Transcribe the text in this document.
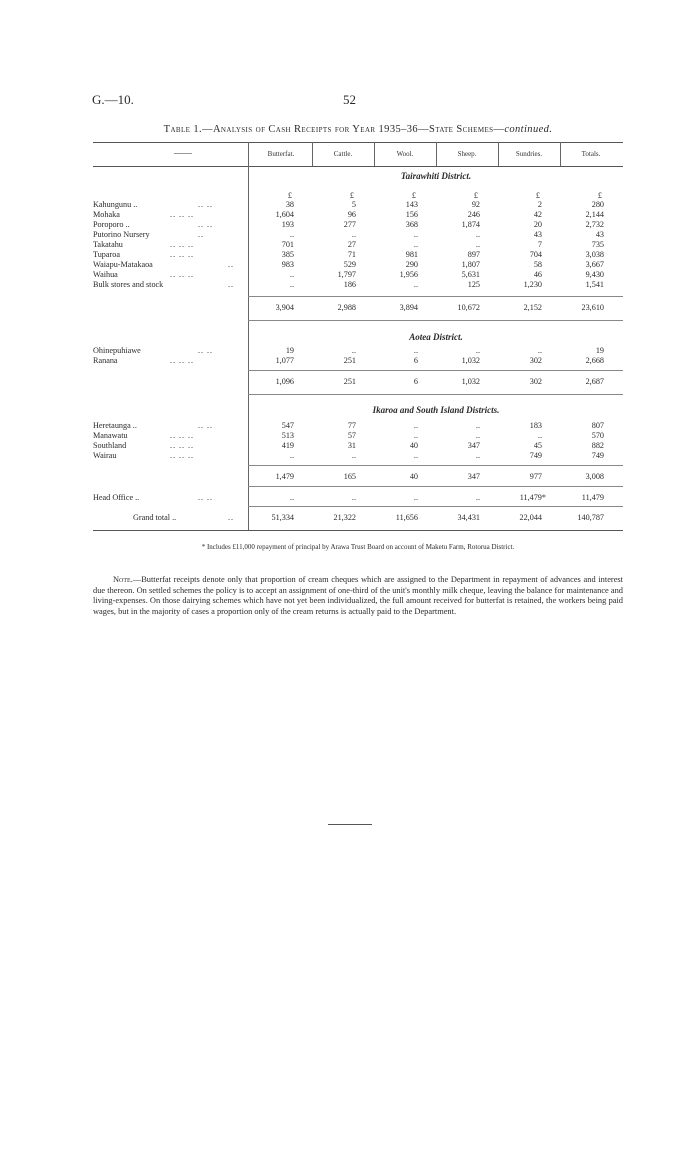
G.—10.	52
Table 1.—Analysis of Cash Receipts for Year 1935–36—State Schemes—continued.
——	Butterfat.	Cattle.	Wool.	Sheep.	Sundries.	Totals.
Tairawhiti District.
£	£	£	£	£	£
Kahungunu ..	.. ..	38	5	143	92	2	280
Mohaka	.. .. ..	1,604	96	156	246	42	2,144
Poroporo ..	.. ..	193	277	368	1,874	20	2,732
Putorino Nursery	..	..	..	..	..	43	43
Takatahu	.. .. ..	701	27	..	..	7	735
Tuparoa	.. .. ..	385	71	981	897	704	3,038
Waiapu-Matakaoa	..	983	529	290	1,807	58	3,667
Waihua	.. .. ..	..	1,797	1,956	5,631	46	9,430
Bulk stores and stock	..	..	186	..	125	1,230	1,541
3,904	2,988	3,894	10,672	2,152	23,610
Aotea District.
Ohinepuhiawe	.. ..	19	..	..	..	..	19
Ranana	.. .. ..	1,077	251	6	1,032	302	2,668
1,096	251	6	1,032	302	2,687
Ikaroa and South Island Districts.
Heretaunga ..	.. ..	547	77	..	..	183	807
Manawatu	.. .. ..	513	57	..	..	..	570
Southland	.. .. ..	419	31	40	347	45	882
Wairau	.. .. ..	..	..	..	..	749	749
1,479	165	40	347	977	3,008
Head Office ..	.. ..	..	..	..	..	11,479*	11,479
Grand total ..	..	51,334	21,322	11,656	34,431	22,044	140,787
* Includes £11,000 repayment of principal by Arawa Trust Board on account of Maketu Farm, Rotorua District.
Note.—Butterfat receipts denote only that proportion of cream cheques which are assigned to the Department in repayment of advances and interest due thereon. On settled schemes the policy is to accept an assignment of one-third of the unit's monthly milk cheque, leaving the balance for maintenance and living-expenses. On those dairying schemes which have not yet been individualized, the full amount received for butterfat is retained, the workers being paid wages, but in the majority of cases a proportion only of the cream returns is actually paid to the Department.
